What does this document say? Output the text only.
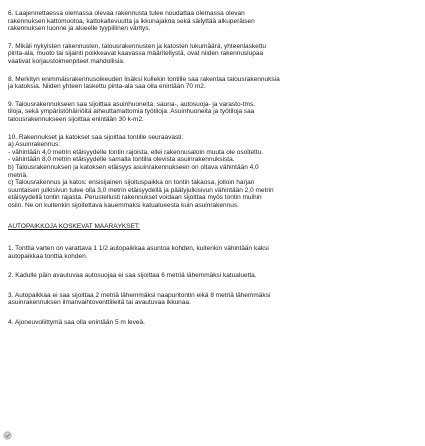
6. Laajennettaessa olemassa olevaa rakennusta tulee noudattaa olemassa olevan
rakennuksen kattomuotoa, kattokaltevuutta ja ikkunajakoa sekä säilyttää alkuperäisen
rakennuksen luonne ja alueelle tyypillinen väritys.
7. Mikäli nykyisten rakennusten, talousrakennusten ja katosten lukumäärä, yhteenlaskettu
pinta-ala, muoto tai sijainti poikkeavat kaavassa määritellystä, ovat niiden rakennuslupaa
vaativat korjaustoimenpiteet mahdollisia.
8. Merkityn enimmäisrakennusoikeuden lisäksi kullekin tontille saa rakentaa talousrakennuksia
ja katoksia. Niiden yhteen laskettu pinta-ala saa olla enintään 70 m2.
9. Talousrakennukseen saa sijoittaa asuinhuoneita, sauna-, autosuoja- ja varasto-tms.
tiloja, sekä ympäristöhäiriöitä aiheuttamattomia työtiloja. Asuinhuoneita ja työtiloja saa
talousrakennukseen sijoittaa enintään 30 k-m2.
10. Rakennukset ja katokset saa sijoittaa tontille seuraavasti:
a) Asuinrakennus:
- vähintään 4,0 metrin etäisyydelle tontin rajoista, ellei rakennusaloin muuta ole osoitettu.
- vähintään 8,0 metrin etäisyydelle samalla tontilla olevista asuinrakennuksista.
b) Talousrakennuksen ja katoksen etäisyys asuinrakennukseen on oltava vähintään 4,0
metriä.
c) Talousrakennus ja katos: ensisijainen sijoituspaikka on tontin takaosa, jolloin harjan
suuntaisen julkisivun tulee olla 3,0 metrin etäisyydellä ja päätyjulkisivun vähintään 2,0 metrin
etäisyydellä tontin rajasta. Perustellusti rakennukset voidaan sijoittaa myös tontin muihin
osiin. Ne on kuitenkin sijoitettava kauemmaksi katualueesta kuin asuinrakennus.
AUTOPAIKKOJA KOSKEVAT MÄÄRÄYKSET:
1. Tonttia varten on varattava 1 1/2 autopaikkaa asuntoa kohden, kuitenkin vähintään kaksi
autopaikkaa tonttia kohden.
2. Kadulle päin avautuvaa autosuojaa ei saa sijoittaa 6 metriä lähemmäksi katualuetta.
3. Autopaikkaa ei saa sijoittaa 2 metriä lähemmäksi naapuritontin eikä 8 metriä lähemmäksi
asuinrakennuksen ilmanvaihtoventtiileitä tai avautuvaa ikkunaa.
4. Ajoneuvoliittymä saa olla enintään 5 m leveä.
